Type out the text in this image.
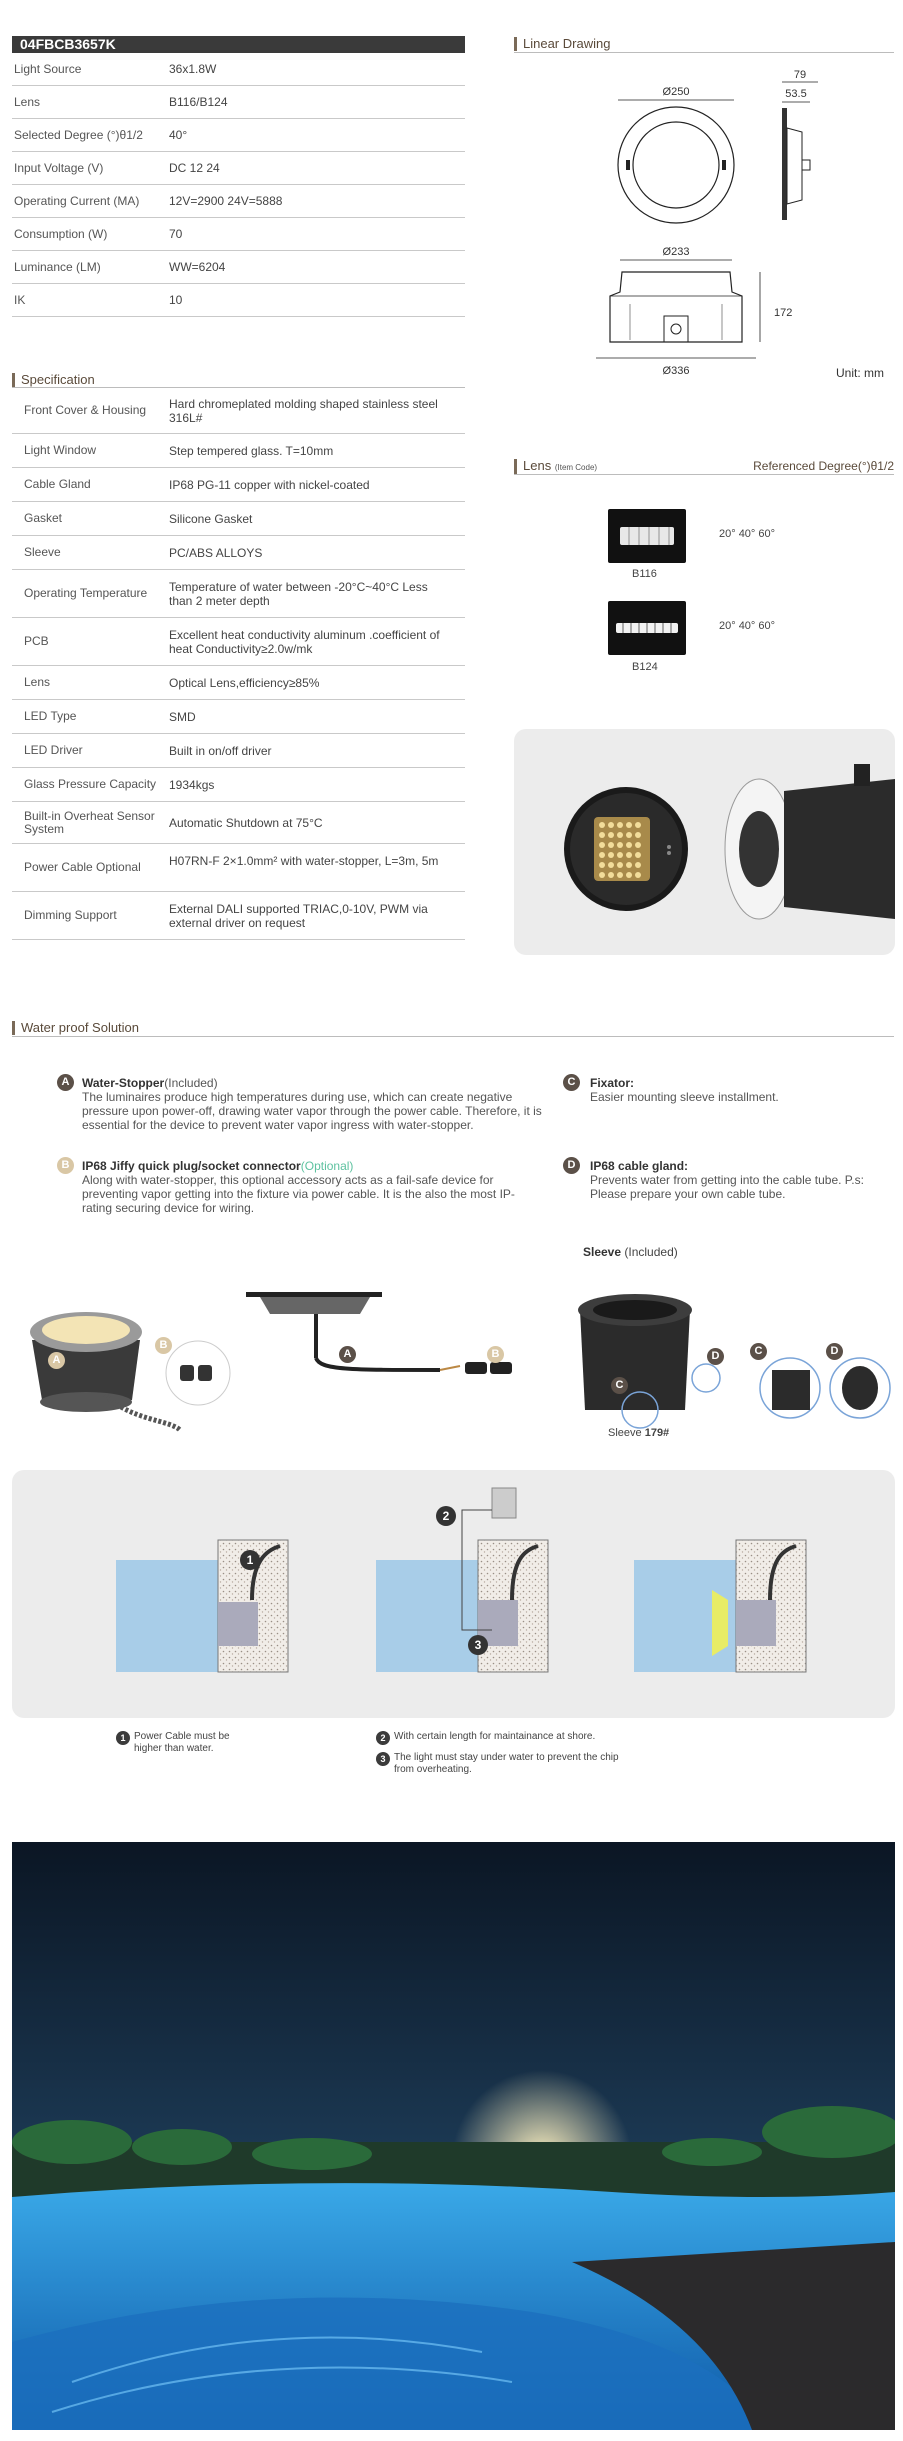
04FBCB3657K
Light Source	36x1.8W
Lens	B116/B124
Selected Degree (°)θ1/2 40°
Input Voltage (V)	DC 12 24
Operating Current (MA) 12V=2900 24V=5888
Consumption (W)	70
Luminance (LM)	WW=6204
IK	10
Specification
Front Cover & Housing	Hard chromeplated molding shaped stainless steel 316L#
Light Window	Step tempered glass. T=10mm
Cable Gland	IP68 PG-11 copper with nickel-coated
Gasket	Silicone Gasket
Sleeve	PC/ABS ALLOYS
Operating Temperature	Temperature of water between -20°C~40°C Less than 2 meter depth
PCB	Excellent heat conductivity aluminum .coefficient of heat Conductivity≥2.0w/mk
Lens	Optical Lens,efficiency≥85%
LED Type	SMD
LED Driver	Built in on/off driver
Glass Pressure Capacity	1934kgs
Built-in Overheat Sensor System	Automatic Shutdown at 75°C
Power Cable Optional	H07RN-F 2×1.0mm² with water-stopper, L=3m, 5m
Dimming Support	External DALI supported TRIAC,0-10V, PWM via external driver on request
Linear Drawing
Ø250
79
53.5
Ø233
Ø336
172
Unit: mm
Lens (Item Code)	Referenced Degree(°)θ1/2
B116
20° 40° 60°
B124
20° 40° 60°
Water proof Solution
A	Water-Stopper(Included)
The luminaires produce high temperatures during use, which can create negative pressure upon power-off, drawing water vapor through the power cable. Therefore, it is essential for the device to prevent water vapor ingress with water-stopper.
B	IP68 Jiffy quick plug/socket connector(Optional)
Along with water-stopper, this optional accessory acts as a fail-safe device for preventing vapor getting into the fixture via power cable. It is the also the most IP-rating securing device for wiring.
C	Fixator:
Easier mounting sleeve installment.
D	IP68 cable gland:
Prevents water from getting into the cable tube. P.s: Please prepare your own cable tube.
Sleeve (Included)
B
A	A	B
C
D	C	D
Sleeve 179#
1
2
3
1 Power Cable must be higher than water.
2 With certain length for maintainance at shore.
3 The light must stay under water to prevent the chip from overheating.
